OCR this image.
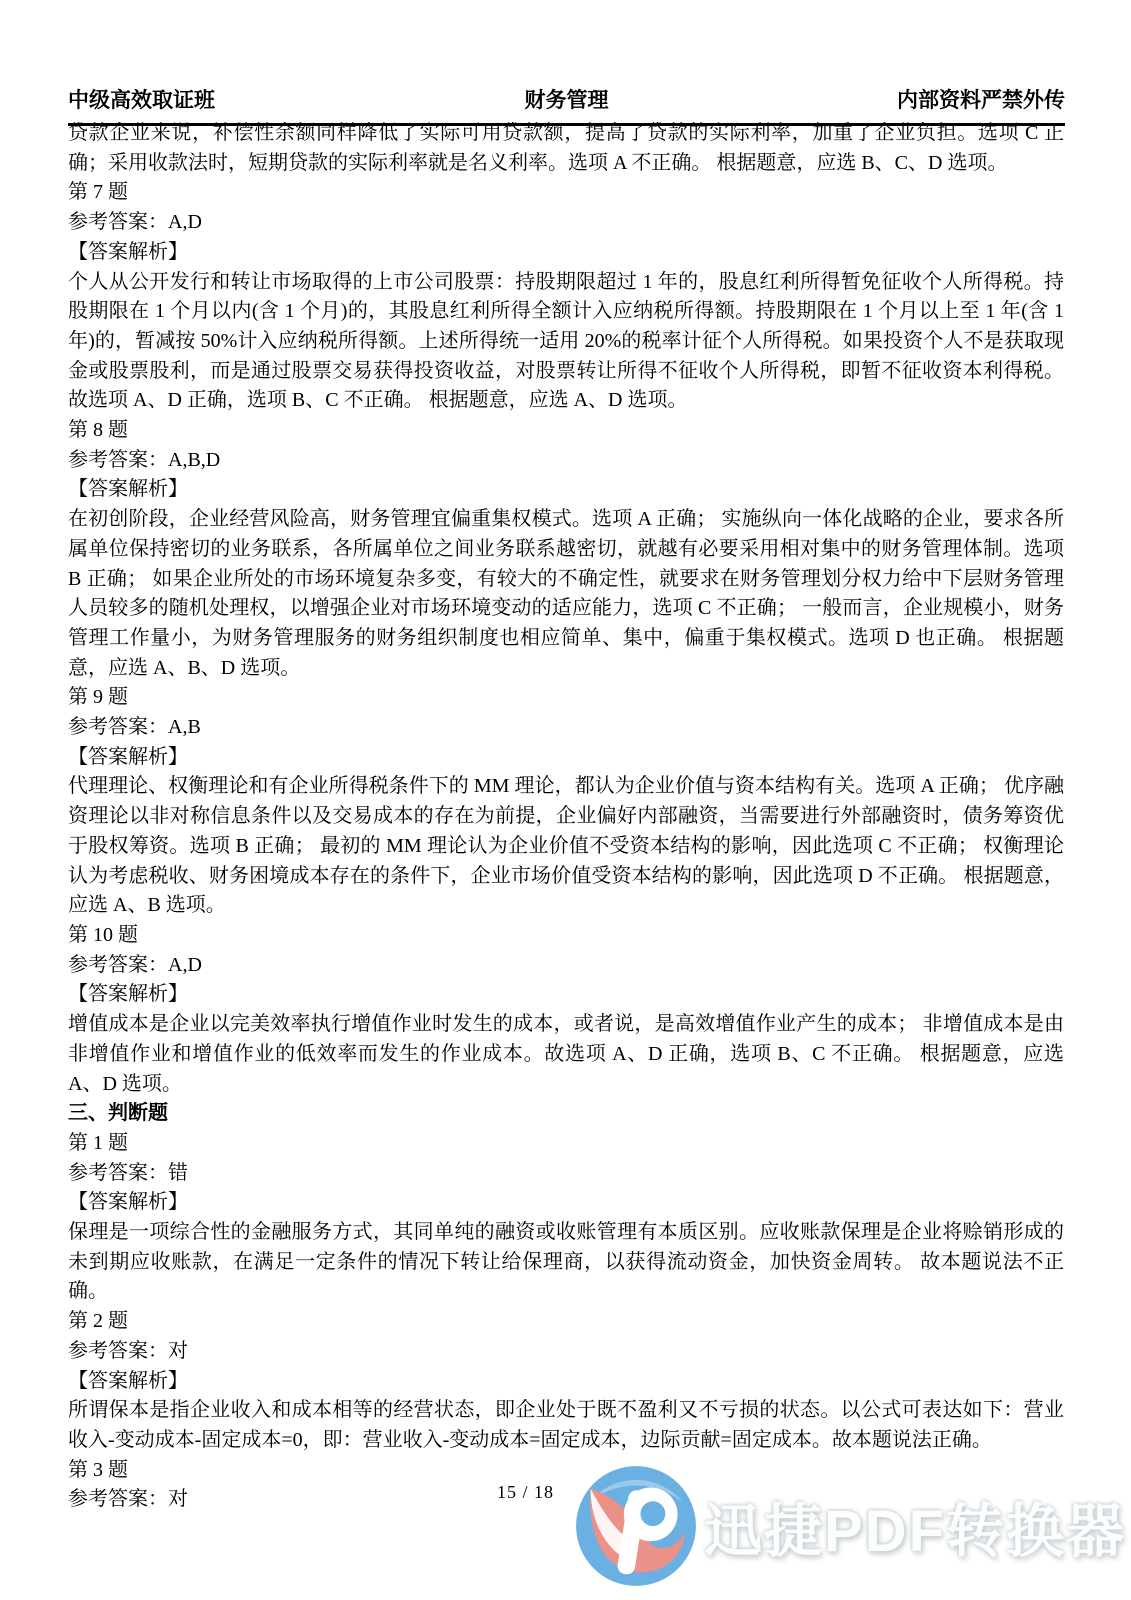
中级高效取证班	财务管理	内部资料严禁外传
贷款企业来说，补偿性余额同样降低了实际可用贷款额，提高了贷款的实际利率，加重了企业负担。选项 C 正确；采用收款法时，短期贷款的实际利率就是名义利率。选项 A 不正确。 根据题意，应选 B、C、D 选项。
第 7 题
参考答案：A,D
【答案解析】
个人从公开发行和转让市场取得的上市公司股票：持股期限超过 1 年的，股息红利所得暂免征收个人所得税。持股期限在 1 个月以内(含 1 个月)的，其股息红利所得全额计入应纳税所得额。持股期限在 1 个月以上至 1 年(含 1 年)的，暂减按 50%计入应纳税所得额。上述所得统一适用 20%的税率计征个人所得税。如果投资个人不是获取现金或股票股利，而是通过股票交易获得投资收益，对股票转让所得不征收个人所得税，即暂不征收资本利得税。故选项 A、D 正确，选项 B、C 不正确。 根据题意，应选 A、D 选项。
第 8 题
参考答案：A,B,D
【答案解析】
在初创阶段，企业经营风险高，财务管理宜偏重集权模式。选项 A 正确； 实施纵向一体化战略的企业，要求各所属单位保持密切的业务联系，各所属单位之间业务联系越密切，就越有必要采用相对集中的财务管理体制。选项 B 正确； 如果企业所处的市场环境复杂多变，有较大的不确定性，就要求在财务管理划分权力给中下层财务管理人员较多的随机处理权，以增强企业对市场环境变动的适应能力，选项 C 不正确； 一般而言，企业规模小，财务管理工作量小，为财务管理服务的财务组织制度也相应简单、集中，偏重于集权模式。选项 D 也正确。 根据题意，应选 A、B、D 选项。
第 9 题
参考答案：A,B
【答案解析】
代理理论、权衡理论和有企业所得税条件下的 MM 理论，都认为企业价值与资本结构有关。选项 A 正确； 优序融资理论以非对称信息条件以及交易成本的存在为前提，企业偏好内部融资，当需要进行外部融资时，债务筹资优于股权筹资。选项 B 正确； 最初的 MM 理论认为企业价值不受资本结构的影响，因此选项 C 不正确； 权衡理论认为考虑税收、财务困境成本存在的条件下，企业市场价值受资本结构的影响，因此选项 D 不正确。 根据题意，应选 A、B 选项。
第 10 题
参考答案：A,D
【答案解析】
增值成本是企业以完美效率执行增值作业时发生的成本，或者说，是高效增值作业产生的成本； 非增值成本是由非增值作业和增值作业的低效率而发生的作业成本。故选项 A、D 正确，选项 B、C 不正确。 根据题意，应选 A、D 选项。
三、判断题
第 1 题
参考答案：错
【答案解析】
保理是一项综合性的金融服务方式，其同单纯的融资或收账管理有本质区别。应收账款保理是企业将赊销形成的未到期应收账款，在满足一定条件的情况下转让给保理商，以获得流动资金，加快资金周转。 故本题说法不正确。
第 2 题
参考答案：对
【答案解析】
所谓保本是指企业收入和成本相等的经营状态，即企业处于既不盈利又不亏损的状态。以公式可表达如下：营业收入-变动成本-固定成本=0，即：营业收入-变动成本=固定成本，边际贡献=固定成本。故本题说法正确。
第 3 题
参考答案：对	15 / 18
迅捷PDF转换器
